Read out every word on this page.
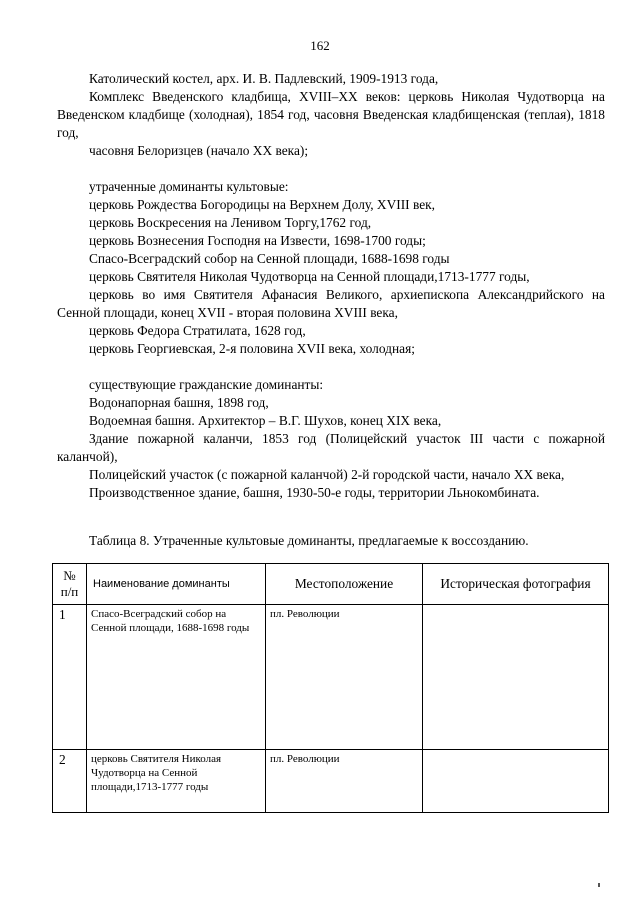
162

Католический костел, арх. И. В. Падлевский, 1909-1913 года,

Комплекс Введенского кладбища, XVIII–XX веков: церковь Николая Чудотворца на Введенском кладбище (холодная), 1854 год, часовня Введенская кладбищенская (теплая), 1818 год,

часовня Белоризцев (начало XX века);

утраченные доминанты культовые:

церковь Рождества Богородицы на Верхнем Долу, XVIII век,

церковь Воскресения на Ленивом Торгу,1762 год,

церковь Вознесения Господня на Извести, 1698-1700 годы;

Спасо-Всеградский собор на Сенной площади, 1688-1698 годы

церковь Святителя Николая Чудотворца на Сенной площади,1713-1777 годы,

церковь во имя Святителя Афанасия Великого, архиепископа Александрийского на Сенной площади, конец XVII - вторая половина XVIII века,

церковь Федора Стратилата, 1628 год,

церковь Георгиевская, 2-я половина XVII века, холодная;

существующие гражданские доминанты:

Водонапорная башня, 1898 год,

Водоемная башня. Архитектор – В.Г. Шухов, конец XIX века,

Здание пожарной каланчи, 1853 год (Полицейский участок III части с пожарной каланчой),

Полицейский участок (с пожарной каланчой) 2-й городской части, начало XX века,

Производственное здание, башня, 1930-50-е годы, территории Льнокомбината.

Таблица 8. Утраченные культовые доминанты, предлагаемые к воссозданию.
№ п/п	Наименование доминанты	Местоположение	Историческая фотография
1	Спасо-Всеградский собор на Сенной площади, 1688-1698 годы	пл. Революции	
2	церковь Святителя Николая Чудотворца на Сенной площади,1713-1777 годы	пл. Революции	
